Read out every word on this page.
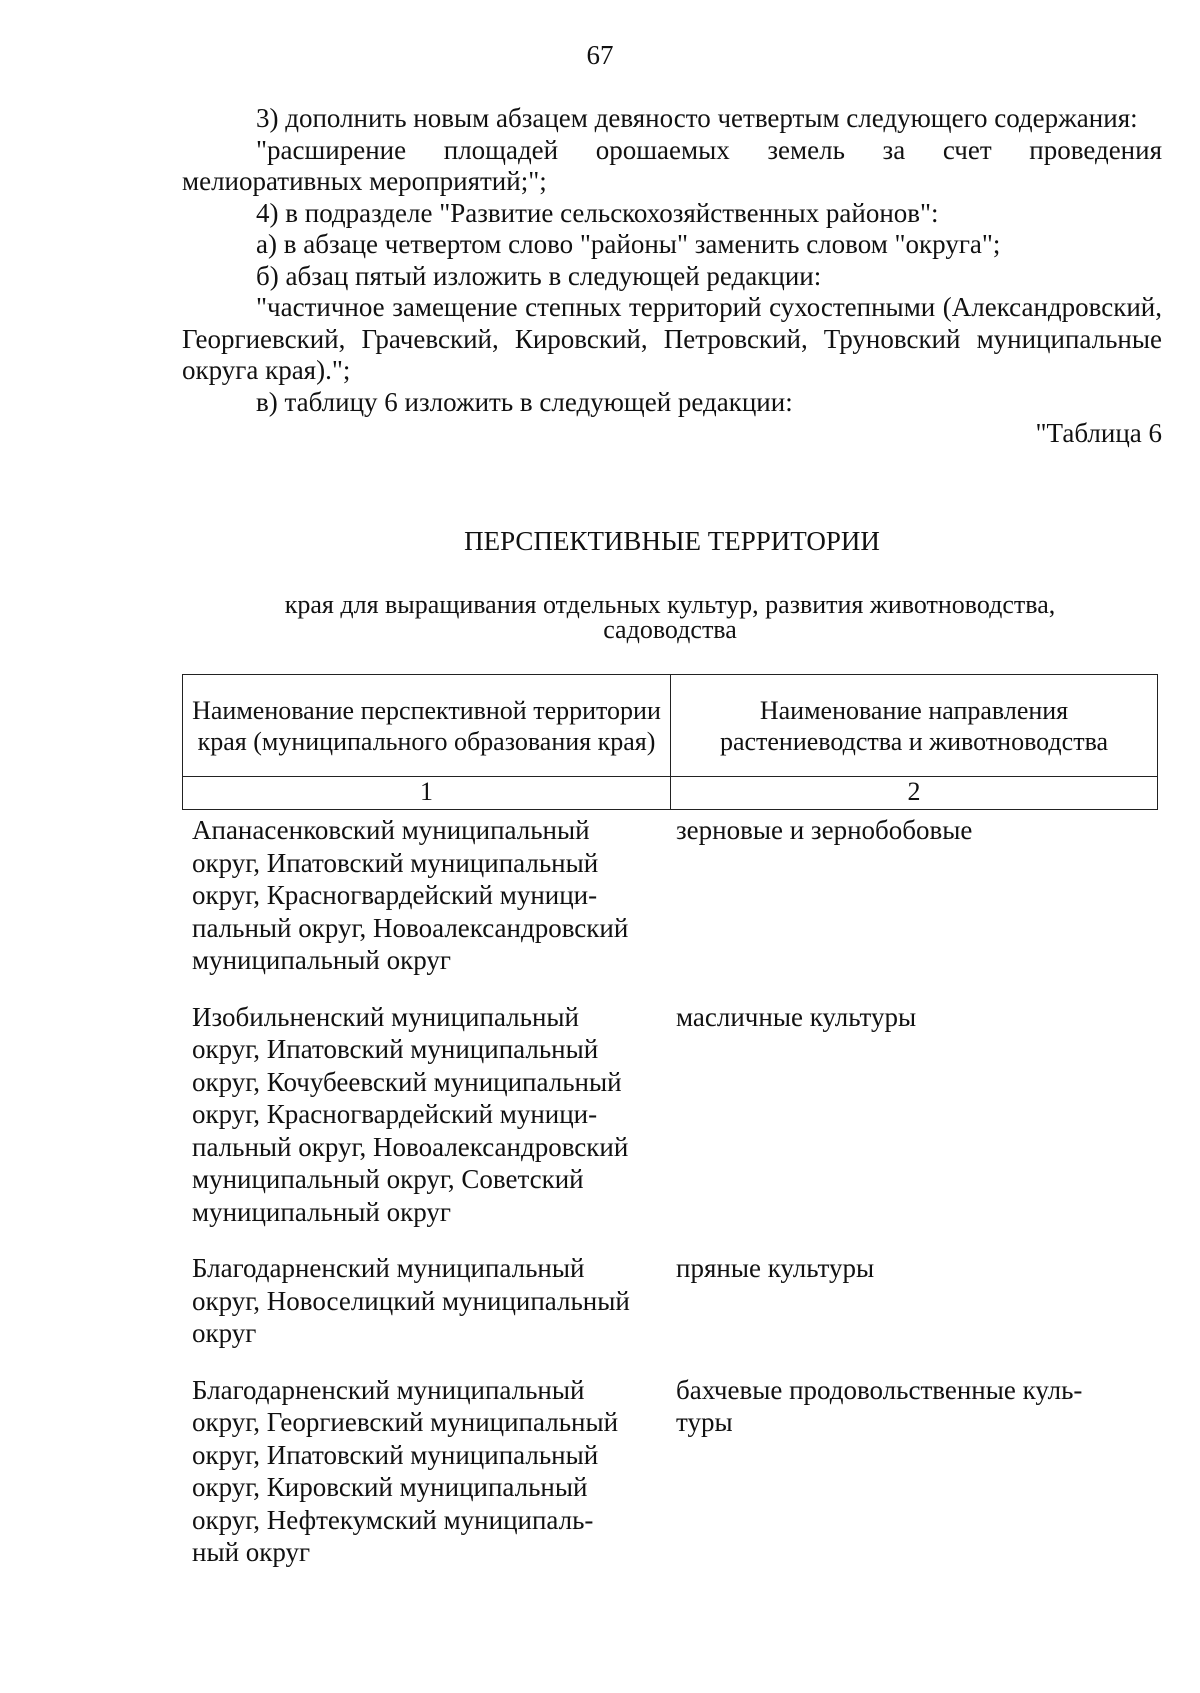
67

3) дополнить новым абзацем девяносто четвертым следующего содержания:

"расширение площадей орошаемых земель за счет проведения мелиоративных мероприятий;";

4) в подразделе "Развитие сельскохозяйственных районов":

а) в абзаце четвертом слово "районы" заменить словом "округа";

б) абзац пятый изложить в следующей редакции:

"частичное замещение степных территорий сухостепными (Александровский, Георгиевский, Грачевский, Кировский, Петровский, Труновский муниципальные округа края).";

в) таблицу 6 изложить в следующей редакции:

"Таблица 6

ПЕРСПЕКТИВНЫЕ ТЕРРИТОРИИ
края для выращивания отдельных культур, развития животноводства, садоводства
Наименование перспективной территории края (муниципального образования края)
Наименование направления растениеводства и животноводства
1	2
Апанасенковский муниципальный
округ, Ипатовский муниципальный
округ, Красногвардейский муници-
пальный округ, Новоалександровский
муниципальный округ
зерновые и зернобобовые
Изобильненский муниципальный
округ, Ипатовский муниципальный
округ, Кочубеевский муниципальный
округ, Красногвардейский муници-
пальный округ, Новоалександровский
муниципальный округ, Советский
муниципальный округ
масличные культуры
Благодарненский муниципальный
округ, Новоселицкий муниципальный
округ
пряные культуры
Благодарненский муниципальный
округ, Георгиевский муниципальный
округ, Ипатовский муниципальный
округ, Кировский муниципальный
округ, Нефтекумский муниципаль-
ный округ
бахчевые продовольственные куль-
туры
